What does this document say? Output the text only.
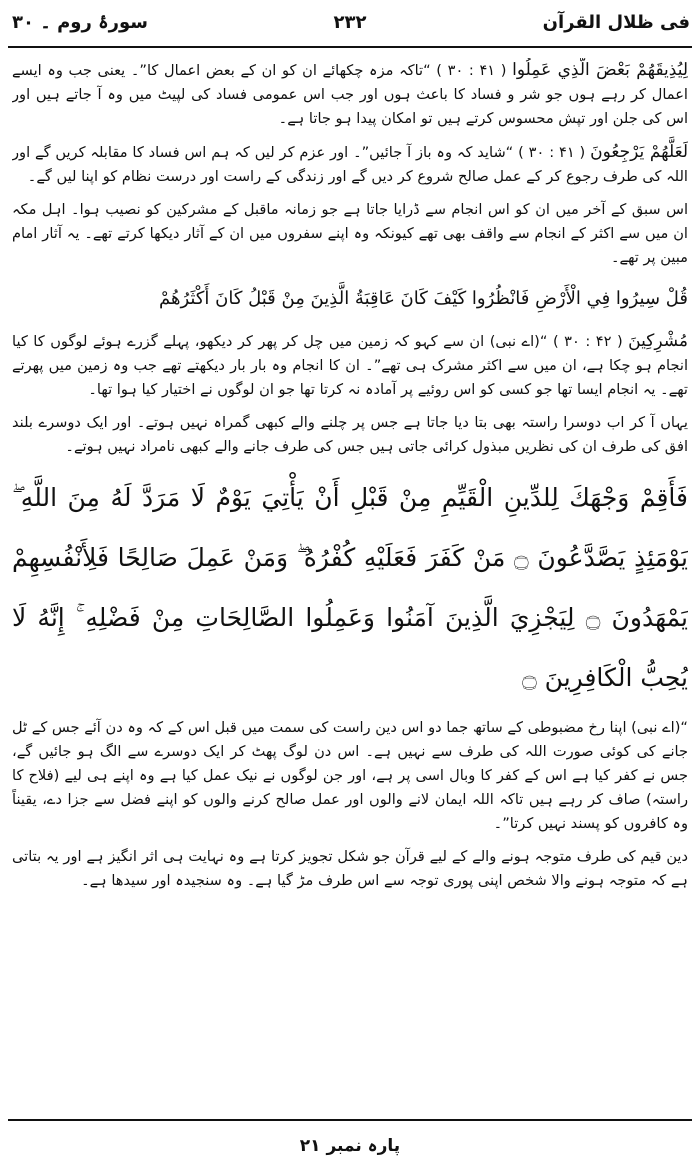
فی ظلال القرآن
۲۳۲
سورۂ روم ۔ ۳۰

لِيُذِيقَهُمْ بَعْضَ الَّذِي عَمِلُوا ( ۳۰ : ۴۱ ) “تاکہ مزہ چکھائے ان کو ان کے بعض اعمال کا”۔ یعنی جب وہ ایسے اعمال کر رہے ہوں جو شر و فساد کا باعث ہوں اور جب اس عمومی فساد کی لپیٹ میں وہ آ جاتے ہیں اور اس کی جلن اور تپش محسوس کرتے ہیں تو امکان پیدا ہو جاتا ہے۔

لَعَلَّهُمْ يَرْجِعُونَ ( ۳۰ : ۴۱ ) “شاید کہ وہ باز آ جائیں”۔ اور عزم کر لیں کہ ہم اس فساد کا مقابلہ کریں گے اور اللہ کی طرف رجوع کر کے عمل صالح شروع کر دیں گے اور زندگی کے راست اور درست نظام کو اپنا لیں گے۔

اس سبق کے آخر میں ان کو اس انجام سے ڈرایا جاتا ہے جو زمانہ ماقبل کے مشرکین کو نصیب ہوا۔ اہل مکہ ان میں سے اکثر کے انجام سے واقف بھی تھے کیونکہ وہ اپنے سفروں میں ان کے آثار دیکھا کرتے تھے۔ یہ آثار امام مبین پر تھے۔

قُلْ سِيرُوا فِي الْأَرْضِ فَانْظُرُوا كَيْفَ كَانَ عَاقِبَةُ الَّذِينَ مِنْ قَبْلُ كَانَ أَكْثَرُهُمْ

مُشْرِكِينَ ( ۳۰ : ۴۲ ) “(اے نبی) ان سے کہو کہ زمین میں چل کر پھر کر دیکھو، پہلے گزرے ہوئے لوگوں کا کیا انجام ہو چکا ہے، ان میں سے اکثر مشرک ہی تھے”۔ ان کا انجام وہ بار بار دیکھتے تھے جب وہ زمین میں پھرتے تھے۔ یہ انجام ایسا تھا جو کسی کو اس روئیے پر آمادہ نہ کرتا تھا جو ان لوگوں نے اختیار کیا ہوا تھا۔

یہاں آ کر اب دوسرا راستہ بھی بتا دیا جاتا ہے جس پر چلنے والے کبھی گمراہ نہیں ہوتے۔ اور ایک دوسرے بلند افق کی طرف ان کی نظریں مبذول کرائی جاتی ہیں جس کی طرف جانے والے کبھی نامراد نہیں ہوتے۔

فَأَقِمْ وَجْهَكَ لِلدِّينِ الْقَيِّمِ مِنْ قَبْلِ أَنْ يَأْتِيَ يَوْمٌ لَا مَرَدَّ لَهُ مِنَ اللَّهِ ۖ يَوْمَئِذٍ يَصَّدَّعُونَ ۝ مَنْ كَفَرَ فَعَلَيْهِ كُفْرُهُ ۖ وَمَنْ عَمِلَ صَالِحًا فَلِأَنْفُسِهِمْ يَمْهَدُونَ ۝ لِيَجْزِيَ الَّذِينَ آمَنُوا وَعَمِلُوا الصَّالِحَاتِ مِنْ فَضْلِهِ ۚ إِنَّهُ لَا يُحِبُّ الْكَافِرِينَ ۝

“(اے نبی) اپنا رخ مضبوطی کے ساتھ جما دو اس دین راست کی سمت میں قبل اس کے کہ وہ دن آئے جس کے ٹل جانے کی کوئی صورت اللہ کی طرف سے نہیں ہے۔ اس دن لوگ پھٹ کر ایک دوسرے سے الگ ہو جائیں گے، جس نے کفر کیا ہے اس کے کفر کا وبال اسی پر ہے، اور جن لوگوں نے نیک عمل کیا ہے وہ اپنے ہی لیے (فلاح کا راستہ) صاف کر رہے ہیں تاکہ اللہ ایمان لانے والوں اور عمل صالح کرنے والوں کو اپنے فضل سے جزا دے، یقیناً وہ کافروں کو پسند نہیں کرتا”۔

دین قیم کی طرف متوجہ ہونے والے کے لیے قرآن جو شکل تجویز کرتا ہے وہ نہایت ہی اثر انگیز ہے اور یہ بتاتی ہے کہ متوجہ ہونے والا شخص اپنی پوری توجہ سے اس طرف مڑ گیا ہے۔ وہ سنجیدہ اور سیدھا ہے۔

پارہ نمبر ۲۱
